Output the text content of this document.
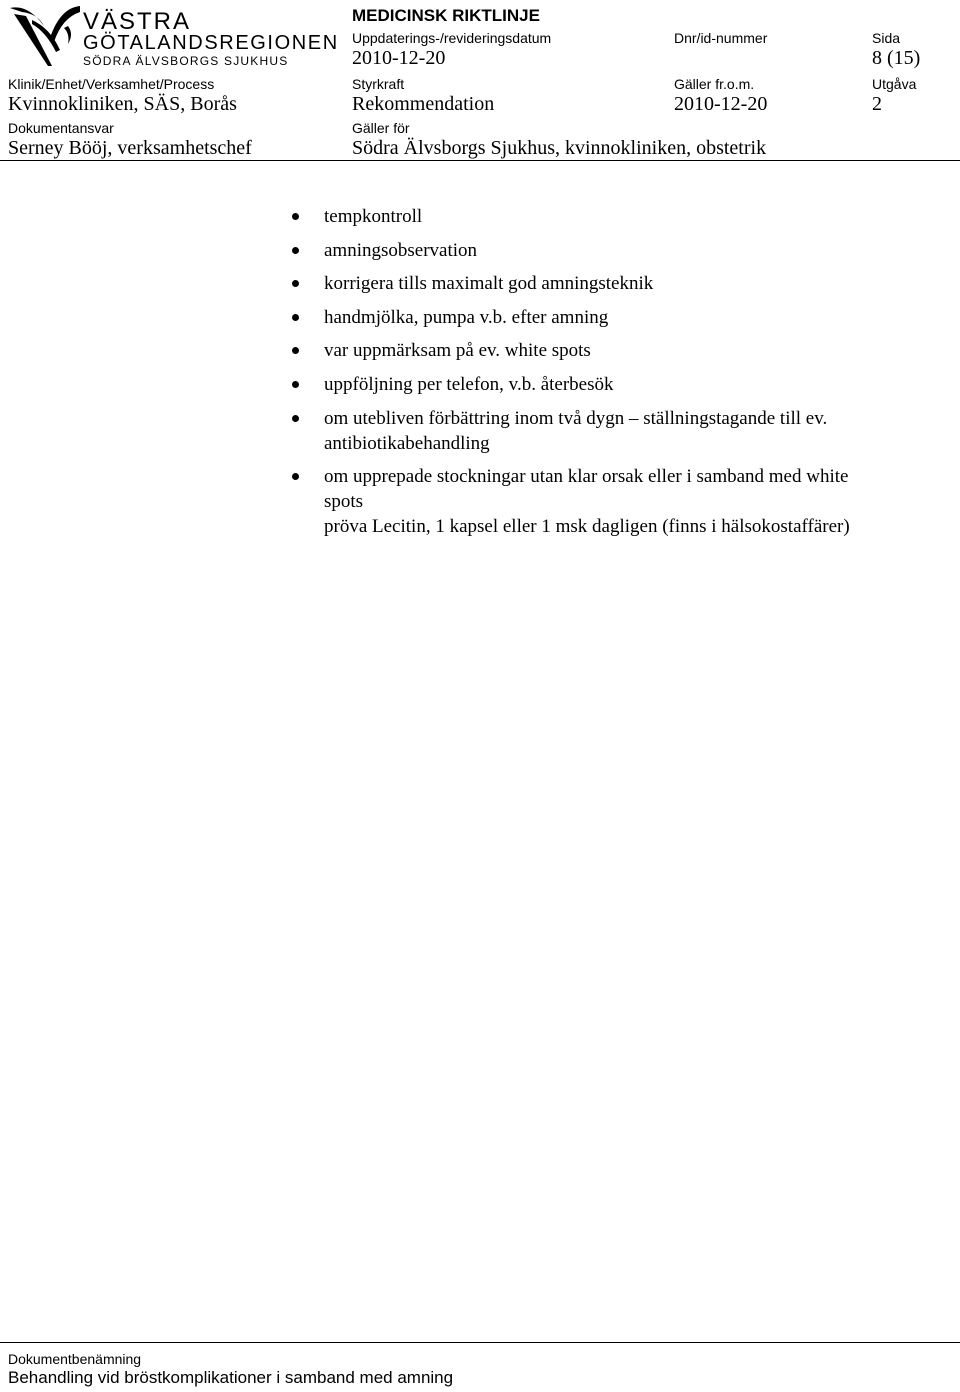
VÄSTRA
GÖTALANDSREGIONEN
SÖDRA ÄLVSBORGS SJUKHUS
MEDICINSK RIKTLINJE
Uppdaterings-/revideringsdatum
2010-12-20
Dnr/id-nummer	Sida
8 (15)
Klinik/Enhet/Verksamhet/Process
Kvinnokliniken, SÄS, Borås
Styrkraft
Rekommendation
Gäller fr.o.m.
2010-12-20
Utgåva
2
Dokumentansvar
Serney Bööj, verksamhetschef
Gäller för
Södra Älvsborgs Sjukhus, kvinnokliniken, obstetrik
tempkontroll
amningsobservation
korrigera tills maximalt god amningsteknik
handmjölka, pumpa v.b. efter amning
var uppmärksam på ev. white spots
uppföljning per telefon, v.b. återbesök
om utebliven förbättring inom två dygn – ställningstagande till ev.
antibiotikabehandling
om upprepade stockningar utan klar orsak eller i samband med white
spots
pröva Lecitin, 1 kapsel eller 1 msk dagligen (finns i hälsokostaffärer)
Dokumentbenämning
Behandling vid bröstkomplikationer i samband med amning
